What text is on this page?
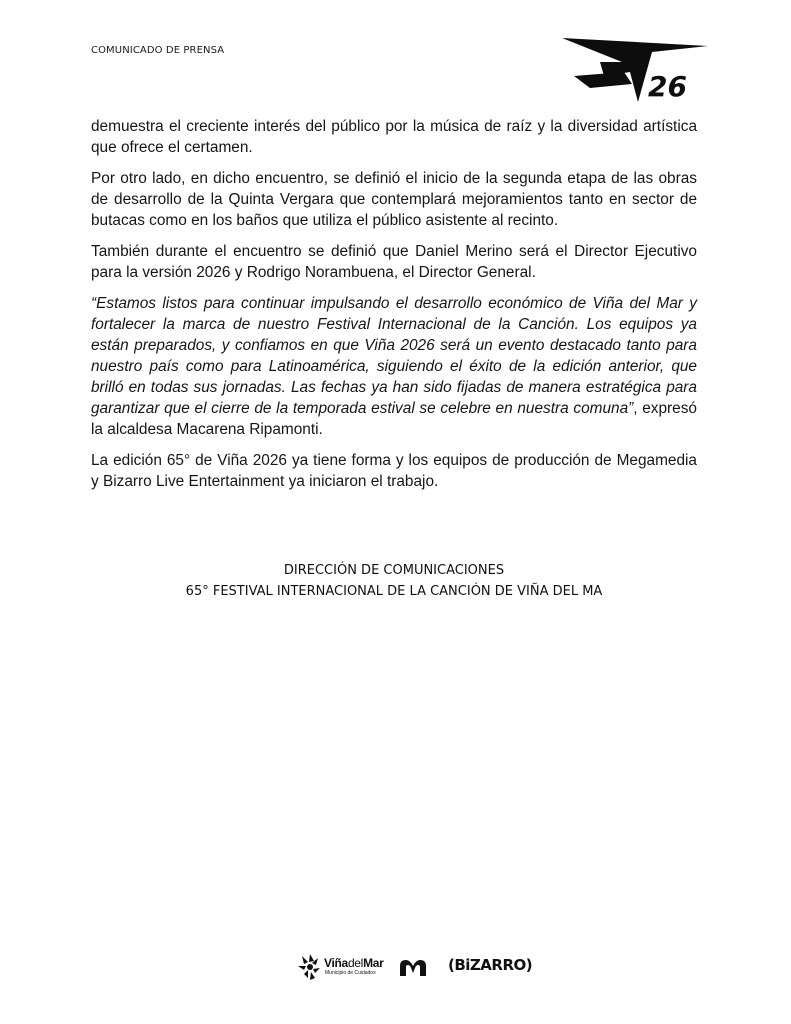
COMUNICADO DE PRENSA
26

demuestra el creciente interés del público por la música de raíz y la diversidad artística que ofrece el certamen.

Por otro lado, en dicho encuentro, se definió el inicio de la segunda etapa de las obras de desarrollo de la Quinta Vergara que contemplará mejoramientos tanto en sector de butacas como en los baños que utiliza el público asistente al recinto.

También durante el encuentro se definió que Daniel Merino será el Director Ejecutivo para la versión 2026 y Rodrigo Norambuena, el Director General.

“Estamos listos para continuar impulsando el desarrollo económico de Viña del Mar y fortalecer la marca de nuestro Festival Internacional de la Canción. Los equipos ya están preparados, y confiamos en que Viña 2026 será un evento destacado tanto para nuestro país como para Latinoamérica, siguiendo el éxito de la edición anterior, que brilló en todas sus jornadas. Las fechas ya han sido fijadas de manera estratégica para garantizar que el cierre de la temporada estival se celebre en nuestra comuna”, expresó la alcaldesa Macarena Ripamonti.

La edición 65° de Viña 2026 ya tiene forma y los equipos de producción de Megamedia y Bizarro Live Entertainment ya iniciaron el trabajo.

DIRECCIÓN DE COMUNICACIONES
65° FESTIVAL INTERNACIONAL DE LA CANCIÓN DE VIÑA DEL MA
ViñadelMar
Municipio de Cuidados	(BiZARRO)
